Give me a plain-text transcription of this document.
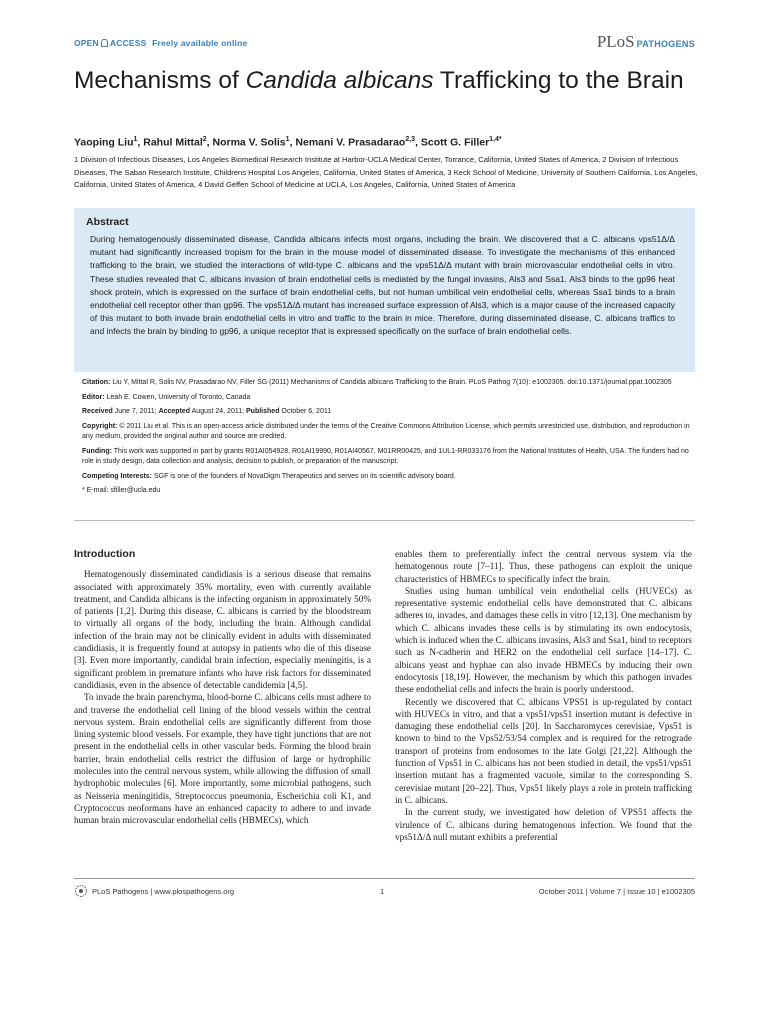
OPEN ACCESS Freely available online	PLoS PATHOGENS
Mechanisms of Candida albicans Trafficking to the Brain
Yaoping Liu$^1$, Rahul Mittal$^2$, Norma V. Solis$^1$, Nemani V. Prasadarao$^{2,3}$, Scott G. Filler$^{1,4*}$
1 Division of Infectious Diseases, Los Angeles Biomedical Research Institute at Harbor-UCLA Medical Center, Torrance, California, United States of America, 2 Division of Infectious Diseases, The Saban Research Institute, Childrens Hospital Los Angeles, California, United States of America, 3 Keck School of Medicine, University of Southern California, Los Angeles, California, United States of America, 4 David Geffen School of Medicine at UCLA, Los Angeles, California, United States of America
Abstract
During hematogenously disseminated disease, Candida albicans infects most organs, including the brain. We discovered that a C. albicans vps51Δ/Δ mutant had significantly increased tropism for the brain in the mouse model of disseminated disease. To investigate the mechanisms of this enhanced trafficking to the brain, we studied the interactions of wild-type C. albicans and the vps51Δ/Δ mutant with brain microvascular endothelial cells in vitro. These studies revealed that C. albicans invasion of brain endothelial cells is mediated by the fungal invasins, Als3 and Ssa1. Als3 binds to the gp96 heat shock protein, which is expressed on the surface of brain endothelial cells, but not human umbilical vein endothelial cells, whereas Ssa1 binds to a brain endothelial cell receptor other than gp96. The vps51Δ/Δ mutant has increased surface expression of Als3, which is a major cause of the increased capacity of this mutant to both invade brain endothelial cells in vitro and traffic to the brain in mice. Therefore, during disseminated disease, C. albicans traffics to and infects the brain by binding to gp96, a unique receptor that is expressed specifically on the surface of brain endothelial cells.
Citation: Liu Y, Mittal R, Solis NV, Prasadarao NV, Filler SG (2011) Mechanisms of Candida albicans Trafficking to the Brain. PLoS Pathog 7(10): e1002305. doi:10.1371/journal.ppat.1002305
Editor: Leah E. Cowen, University of Toronto, Canada
Received June 7, 2011; Accepted August 24, 2011; Published October 6, 2011
Copyright: © 2011 Liu et al. This is an open-access article distributed under the terms of the Creative Commons Attribution License, which permits unrestricted use, distribution, and reproduction in any medium, provided the original author and source are credited.
Funding: This work was supported in part by grants R01AI054928, R01AI19990, R01AI40567, M01RR00425, and 1UL1-RR033176 from the National Institutes of Health, USA. The funders had no role in study design, data collection and analysis, decision to publish, or preparation of the manuscript.
Competing Interests: SGF is one of the founders of NovaDigm Therapeutics and serves on its scientific advisory board.
* E-mail: sfiller@ucla.edu
Introduction

Hematogenously disseminated candidiasis is a serious disease that remains associated with approximately 35% mortality, even with currently available treatment, and Candida albicans is the infecting organism in approximately 50% of patients [1,2]. During this disease, C. albicans is carried by the bloodstream to virtually all organs of the body, including the brain. Although candidal infection of the brain may not be clinically evident in adults with disseminated candidiasis, it is frequently found at autopsy in patients who die of this disease [3]. Even more importantly, candidal brain infection, especially meningitis, is a significant problem in premature infants who have risk factors for disseminated candidiasis, even in the absence of detectable candidemia [4,5].

To invade the brain parenchyma, blood-borne C. albicans cells must adhere to and traverse the endothelial cell lining of the blood vessels within the central nervous system. Brain endothelial cells are significantly different from those lining systemic blood vessels. For example, they have tight junctions that are not present in the endothelial cells in other vascular beds. Forming the blood brain barrier, brain endothelial cells restrict the diffusion of large or hydrophilic molecules into the central nervous system, while allowing the diffusion of small hydrophobic molecules [6]. More importantly, some microbial pathogens, such as Neisseria meningitidis, Streptococcus pneumonia, Escherichia coli K1, and Cryptococcus neoformans have an enhanced capacity to adhere to and invade human brain microvascular endothelial cells (HBMECs), which

enables them to preferentially infect the central nervous system via the hematogenous route [7–11]. Thus, these pathogens can exploit the unique characteristics of HBMECs to specifically infect the brain.

Studies using human umbilical vein endothelial cells (HUVECs) as representative systemic endothelial cells have demonstrated that C. albicans adheres to, invades, and damages these cells in vitro [12,13]. One mechanism by which C. albicans invades these cells is by stimulating its own endocytosis, which is induced when the C. albicans invasins, Als3 and Ssa1, bind to receptors such as N-cadherin and HER2 on the endothelial cell surface [14–17]. C. albicans yeast and hyphae can also invade HBMECs by inducing their own endocytosis [18,19]. However, the mechanism by which this pathogen invades these endothelial cells and infects the brain is poorly understood.

Recently we discovered that C. albicans VPS51 is up-regulated by contact with HUVECs in vitro, and that a vps51/vps51 insertion mutant is defective in damaging these endothelial cells [20]. In Saccharomyces cerevisiae, Vps51 is known to bind to the Vps52/53/54 complex and is required for the retrograde transport of proteins from endosomes to the late Golgi [21,22]. Although the function of Vps51 in C. albicans has not been studied in detail, the vps51/vps51 insertion mutant has a fragmented vacuole, similar to the corresponding S. cerevisiae mutant [20–22]. Thus, Vps51 likely plays a role in protein trafficking in C. albicans.

In the current study, we investigated how deletion of VPS51 affects the virulence of C. albicans during hematogenous infection. We found that the vps51Δ/Δ null mutant exhibits a preferential

PLoS Pathogens | www.plospathogens.org	1	October 2011 | Volume 7 | Issue 10 | e1002305
